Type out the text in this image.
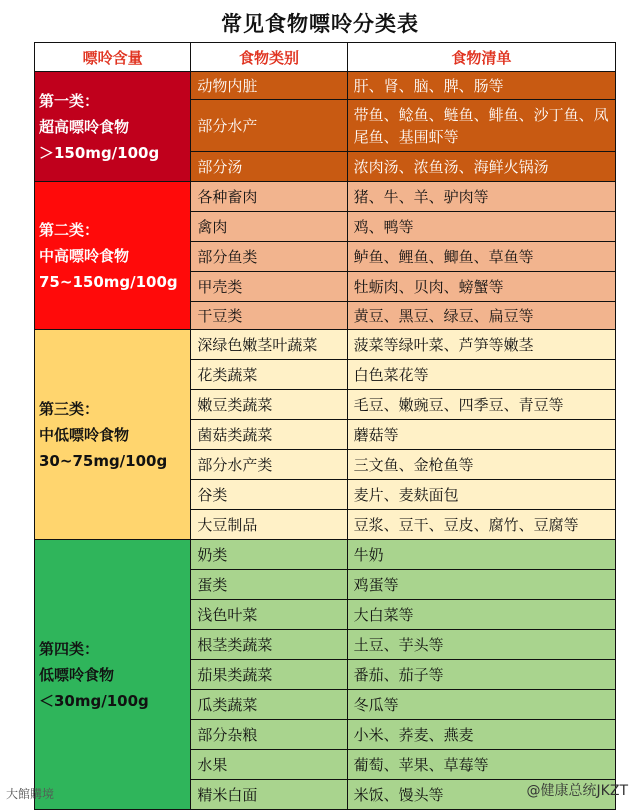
常见食物嘌呤分类表
嘌呤含量	食物类别	食物清单

第一类：
超高嘌呤食物
＞150mg/100g	动物内脏	肝、肾、脑、脾、肠等
	部分水产	带鱼、鲶鱼、鲢鱼、鲱鱼、沙丁鱼、凤尾鱼、基围虾等
	部分汤	浓肉汤、浓鱼汤、海鲜火锅汤

第二类：
中高嘌呤食物
75~150mg/100g	各种畜肉	猪、牛、羊、驴肉等
	禽肉	鸡、鸭等
	部分鱼类	鲈鱼、鲤鱼、鲫鱼、草鱼等
	甲壳类	牡蛎肉、贝肉、螃蟹等
	干豆类	黄豆、黑豆、绿豆、扁豆等

第三类：
中低嘌呤食物
30~75mg/100g	深绿色嫩茎叶蔬菜	菠菜等绿叶菜、芦笋等嫩茎
	花类蔬菜	白色菜花等
	嫩豆类蔬菜	毛豆、嫩豌豆、四季豆、青豆等
	菌菇类蔬菜	蘑菇等
	部分水产类	三文鱼、金枪鱼等
	谷类	麦片、麦麸面包
	大豆制品	豆浆、豆干、豆皮、腐竹、豆腐等

第四类：
低嘌呤食物
＜30mg/100g	奶类	牛奶
	蛋类	鸡蛋等
	浅色叶菜	大白菜等
	根茎类蔬菜	土豆、芋头等
	茄果类蔬菜	番茄、茄子等
	瓜类蔬菜	冬瓜等
	部分杂粮	小米、荞麦、燕麦
	水果	葡萄、苹果、草莓等
	精米白面	米饭、馒头等
大館購境	@健康总统JKZT
